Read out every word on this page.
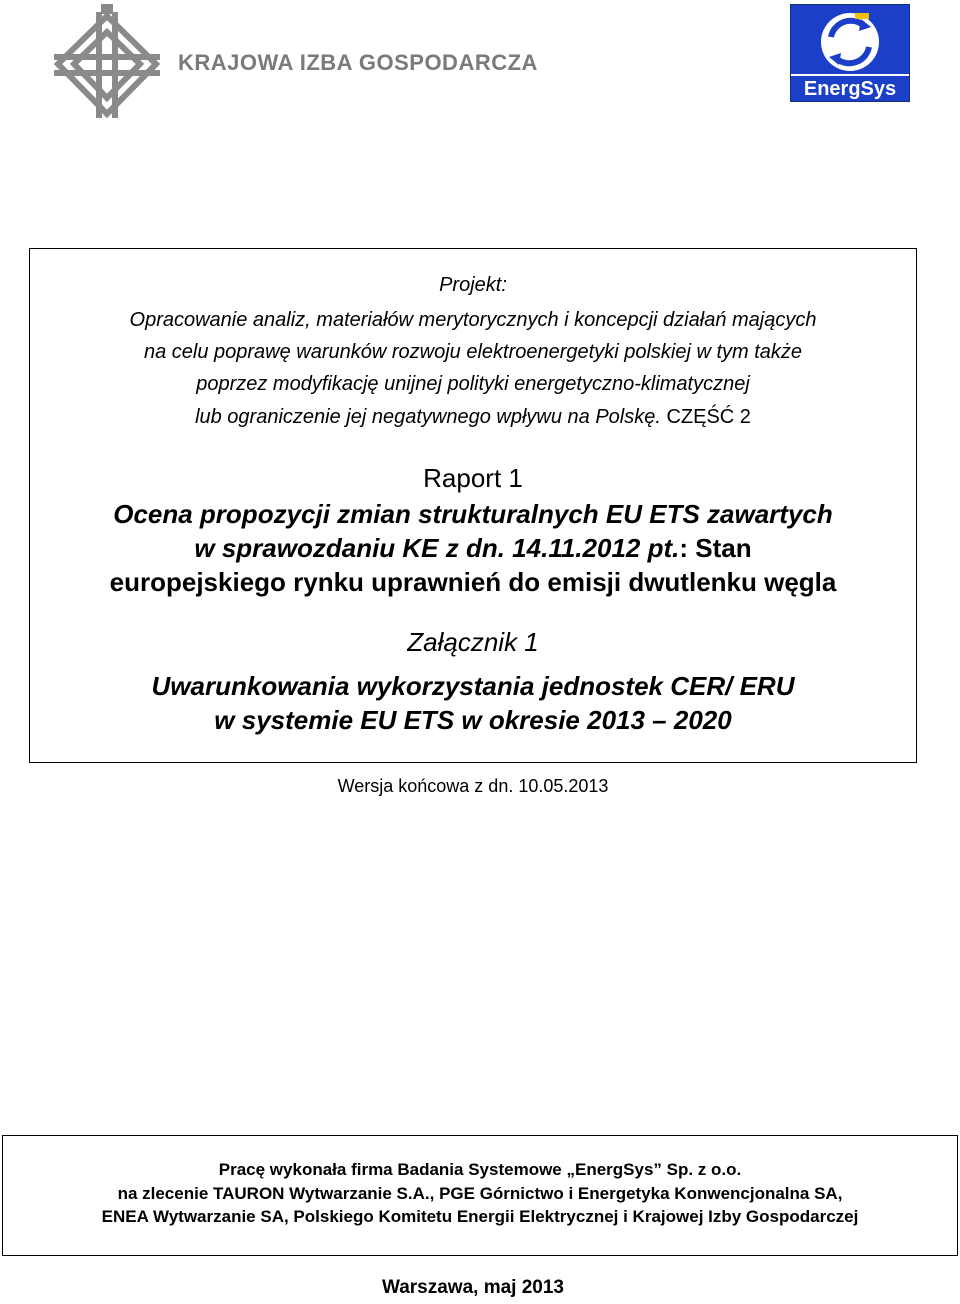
KRAJOWA IZBA GOSPODARCZA
EnergSys
Projekt:
Opracowanie analiz, materiałów merytorycznych i koncepcji działań mających
na celu poprawę warunków rozwoju elektroenergetyki polskiej w tym także
poprzez modyfikację unijnej polityki energetyczno-klimatycznej
lub ograniczenie jej negatywnego wpływu na Polskę. CZĘŚĆ 2
Raport 1
Ocena propozycji zmian strukturalnych EU ETS zawartych
w sprawozdaniu KE z dn. 14.11.2012 pt.: Stan
europejskiego rynku uprawnień do emisji dwutlenku węgla
Załącznik 1
Uwarunkowania wykorzystania jednostek CER/ ERU
w systemie EU ETS w okresie 2013 – 2020
Wersja końcowa z dn. 10.05.2013
Pracę wykonała firma Badania Systemowe „EnergSys” Sp. z o.o.
na zlecenie TAURON Wytwarzanie S.A., PGE Górnictwo i Energetyka Konwencjonalna SA,
ENEA Wytwarzanie SA, Polskiego Komitetu Energii Elektrycznej i Krajowej Izby Gospodarczej
Warszawa, maj 2013
